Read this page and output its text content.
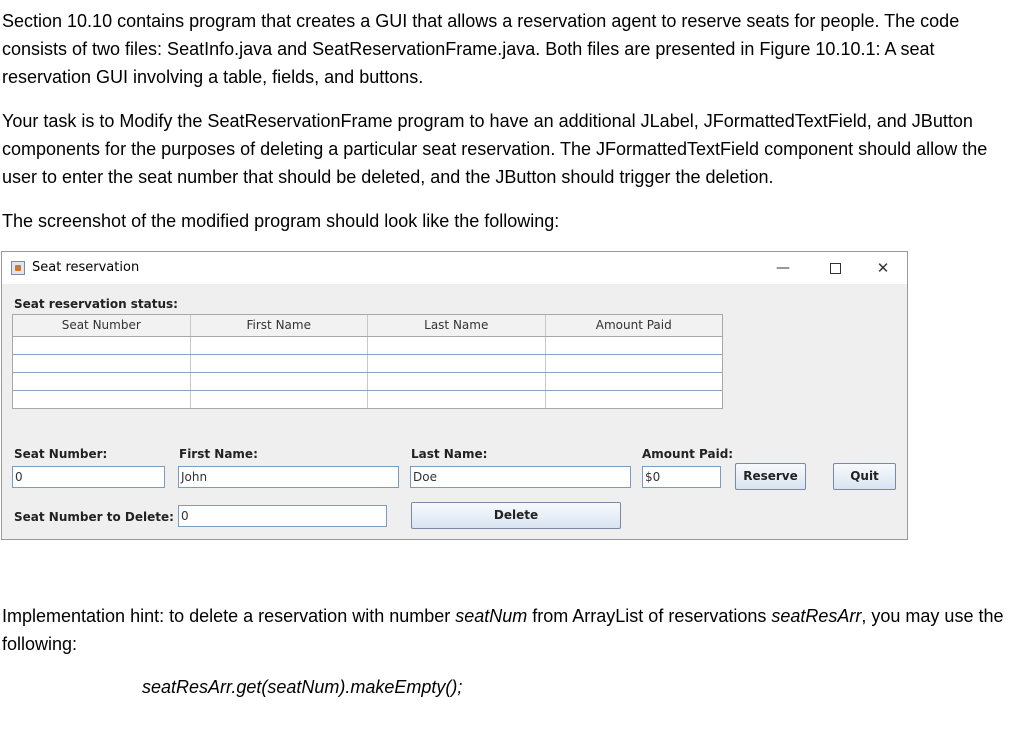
Section 10.10 contains program that creates a GUI that allows a reservation agent to reserve seats for people. The code consists of two files: SeatInfo.java and SeatReservationFrame.java. Both files are presented in Figure 10.10.1: A seat reservation GUI involving a table, fields, and buttons.

Your task is to Modify the SeatReservationFrame program to have an additional JLabel, JFormattedTextField, and JButton components for the purposes of deleting a particular seat reservation. The JFormattedTextField component should allow the user to enter the seat number that should be deleted, and the JButton should trigger the deletion.

The screenshot of the modified program should look like the following:

Seat reservation	—	✕
Seat reservation status:
Seat Number	First Name	Last Name	Amount Paid
Seat Number:	First Name:	Last Name:	Amount Paid:
0	John	Doe	$0	Reserve	Quit
Seat Number to Delete: 0	Delete

Implementation hint: to delete a reservation with number seatNum from ArrayList of reservations seatResArr, you may use the following:

seatResArr.get(seatNum).makeEmpty();
